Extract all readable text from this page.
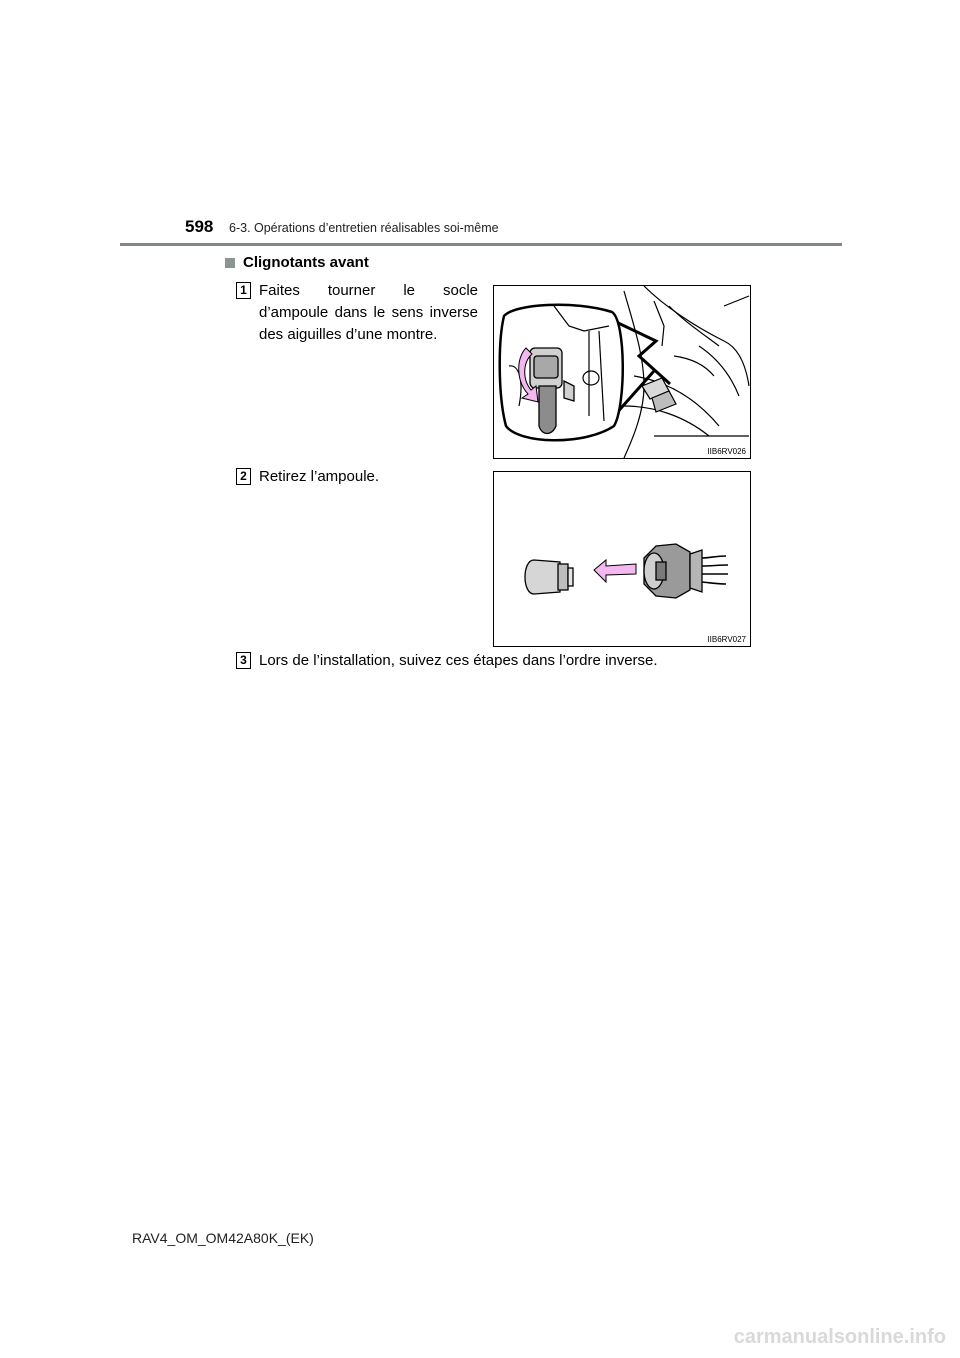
598 6-3. Opérations d’entretien réalisables soi-même
Clignotants avant
1 Faites tourner le socle d’ampoule dans le sens inverse des aiguilles d’une montre.
IIB6RV026
2 Retirez l’ampoule.
IIB6RV027
3 Lors de l’installation, suivez ces étapes dans l’ordre inverse.
RAV4_OM_OM42A80K_(EK)
carmanualsonline.info
